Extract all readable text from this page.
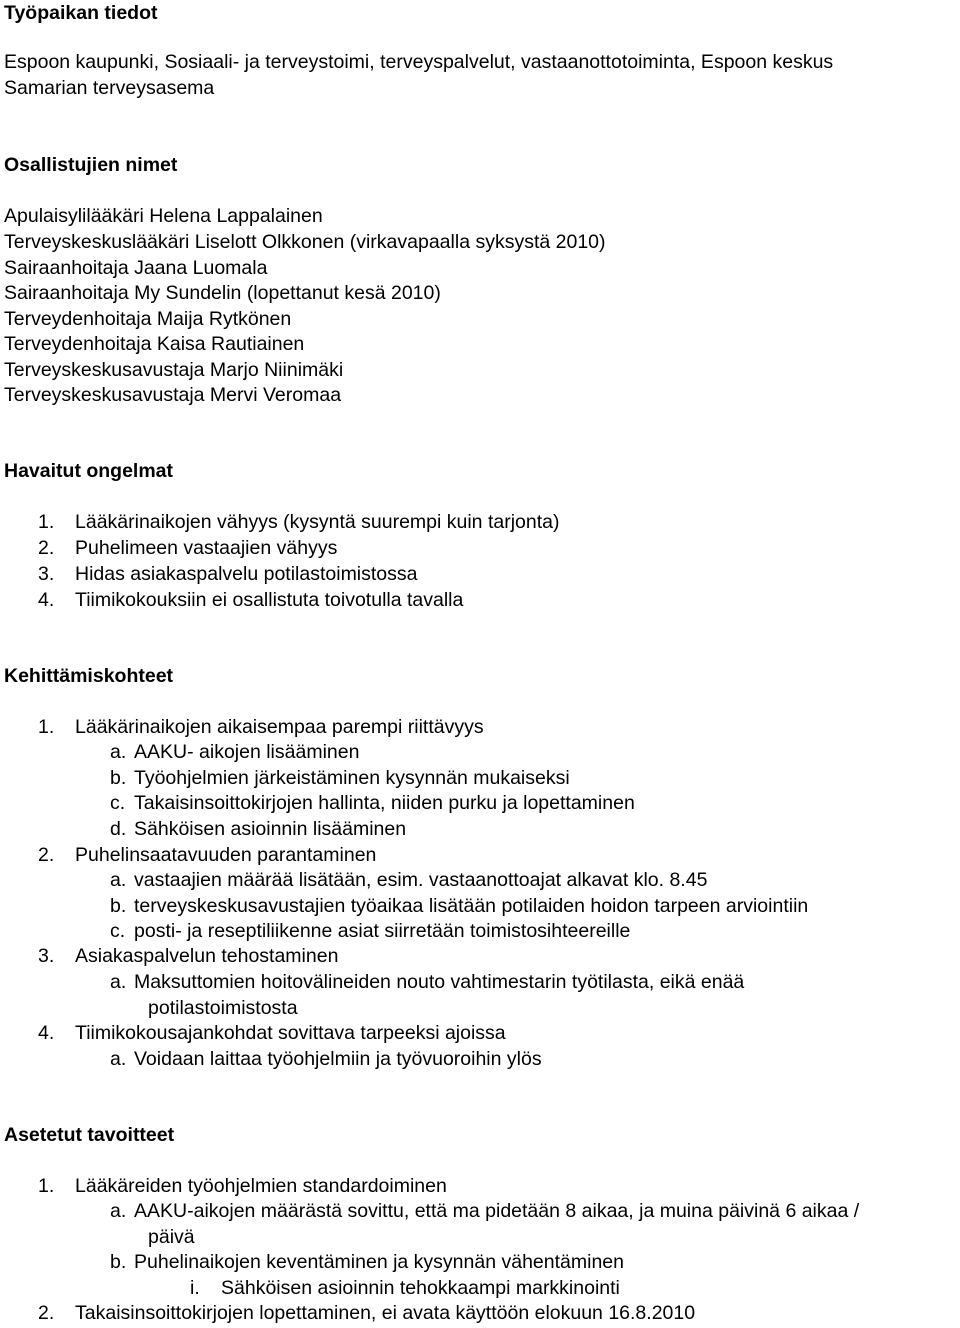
Työpaikan tiedot
Espoon kaupunki, Sosiaali- ja terveystoimi, terveyspalvelut, vastaanottotoiminta, Espoon keskus
Samarian terveysasema
Osallistujien nimet
Apulaisylilääkäri Helena Lappalainen
Terveyskeskuslääkäri Liselott Olkkonen (virkavapaalla syksystä 2010)
Sairaanhoitaja Jaana Luomala
Sairaanhoitaja My Sundelin (lopettanut kesä 2010)
Terveydenhoitaja Maija Rytkönen
Terveydenhoitaja Kaisa Rautiainen
Terveyskeskusavustaja Marjo Niinimäki
Terveyskeskusavustaja Mervi Veromaa
Havaitut ongelmat
1. Lääkärinaikojen vähyys (kysyntä suurempi kuin tarjonta)
2. Puhelimeen vastaajien vähyys
3. Hidas asiakaspalvelu potilastoimistossa
4. Tiimikokouksiin ei osallistuta toivotulla tavalla
Kehittämiskohteet
1. Lääkärinaikojen aikaisempaa parempi riittävyys
a. AAKU- aikojen lisääminen
b. Työohjelmien järkeistäminen kysynnän mukaiseksi
c. Takaisinsoittokirjojen hallinta, niiden purku ja lopettaminen
d. Sähköisen asioinnin lisääminen
2. Puhelinsaatavuuden parantaminen
a. vastaajien määrää lisätään, esim. vastaanottoajat alkavat klo. 8.45
b. terveyskeskusavustajien työaikaa lisätään potilaiden hoidon tarpeen arviointiin
c. posti- ja reseptiliikenne asiat siirretään toimistosihteereille
3. Asiakaspalvelun tehostaminen
a. Maksuttomien hoitovälineiden nouto vahtimestarin työtilasta, eikä enää
potilastoimistosta
4. Tiimikokousajankohdat sovittava tarpeeksi ajoissa
a. Voidaan laittaa työohjelmiin ja työvuoroihin ylös
Asetetut tavoitteet
1. Lääkäreiden työohjelmien standardoiminen
a. AAKU-aikojen määrästä sovittu, että ma pidetään 8 aikaa, ja muina päivinä 6 aikaa /
päivä
b. Puhelinaikojen keventäminen ja kysynnän vähentäminen
i. Sähköisen asioinnin tehokkaampi markkinointi
2. Takaisinsoittokirjojen lopettaminen, ei avata käyttöön elokuun 16.8.2010
